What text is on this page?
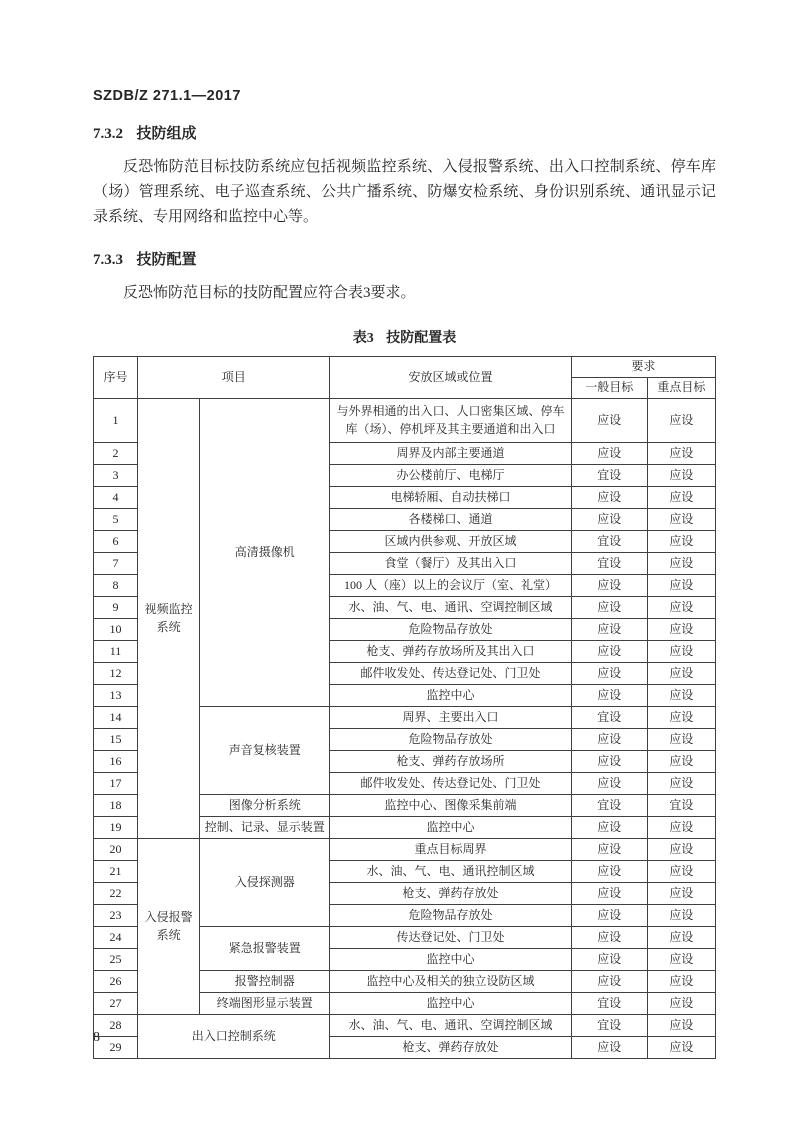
SZDB/Z 271.1—2017
7.3.2 技防组成

反恐怖防范目标技防系统应包括视频监控系统、入侵报警系统、出入口控制系统、停车库（场）管理系统、电子巡查系统、公共广播系统、防爆安检系统、身份识别系统、通讯显示记录系统、专用网络和监控中心等。

7.3.3 技防配置

反恐怖防范目标的技防配置应符合表3要求。

表3 技防配置表
序号	项目		安放区域或位置	要求	
				一般目标	重点目标
1	视频监控系统	高清摄像机	与外界相通的出入口、人口密集区域、停车库（场）、停机坪及其主要通道和出入口	应设	应设
2			周界及内部主要通道	应设	应设
3			办公楼前厅、电梯厅	宜设	应设
4			电梯轿厢、自动扶梯口	应设	应设
5			各楼梯口、通道	应设	应设
6			区域内供参观、开放区域	宜设	应设
7			食堂（餐厅）及其出入口	宜设	应设
8			100 人（座）以上的会议厅（室、礼堂）	应设	应设
9			水、油、气、电、通讯、空调控制区域	应设	应设
10			危险物品存放处	应设	应设
11			枪支、弹药存放场所及其出入口	应设	应设
12			邮件收发处、传达登记处、门卫处	应设	应设
13			监控中心	应设	应设
14		声音复核装置	周界、主要出入口	宜设	应设
15			危险物品存放处	应设	应设
16			枪支、弹药存放场所	应设	应设
17			邮件收发处、传达登记处、门卫处	应设	应设
18		图像分析系统	监控中心、图像采集前端	宜设	宜设
19		控制、记录、显示装置	监控中心	应设	应设
20	入侵报警系统	入侵探测器	重点目标周界	应设	应设
21			水、油、气、电、通讯控制区域	应设	应设
22			枪支、弹药存放处	应设	应设
23			危险物品存放处	应设	应设
24		紧急报警装置	传达登记处、门卫处	应设	应设
25			监控中心	应设	应设
26		报警控制器	监控中心及相关的独立设防区域	应设	应设
27		终端图形显示装置	监控中心	宜设	应设
28	出入口控制系统		水、油、气、电、通讯、空调控制区域	宜设	应设
29			枪支、弹药存放处	应设	应设
8
